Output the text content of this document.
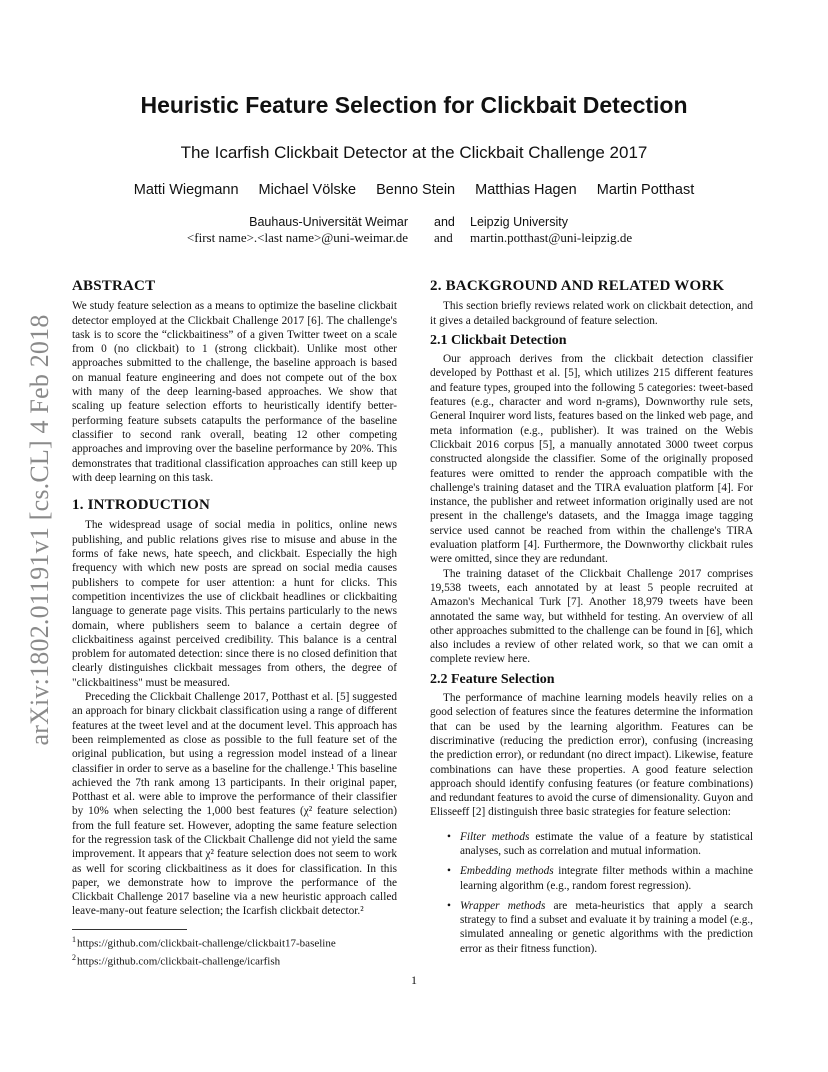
arXiv:1802.01191v1 [cs.CL] 4 Feb 2018
Heuristic Feature Selection for Clickbait Detection
The Icarfish Clickbait Detector at the Clickbait Challenge 2017
Matti Wiegmann Michael Völske Benno Stein Matthias Hagen Martin Potthast
Bauhaus-Universität Weimar and Leipzig University
<first name>.<last name>@uni-weimar.de and martin.potthast@uni-leipzig.de
ABSTRACT

We study feature selection as a means to optimize the baseline clickbait detector employed at the Clickbait Challenge 2017 [6]. The challenge's task is to score the “clickbaitiness” of a given Twitter tweet on a scale from 0 (no clickbait) to 1 (strong clickbait). Unlike most other approaches submitted to the challenge, the baseline approach is based on manual feature engineering and does not compete out of the box with many of the deep learning-based approaches. We show that scaling up feature selection efforts to heuristically identify better-performing feature subsets catapults the performance of the baseline classifier to second rank overall, beating 12 other competing approaches and improving over the baseline performance by 20%. This demonstrates that traditional classification approaches can still keep up with deep learning on this task.

1. INTRODUCTION

The widespread usage of social media in politics, online news publishing, and public relations gives rise to misuse and abuse in the forms of fake news, hate speech, and clickbait. Especially the high frequency with which new posts are spread on social media causes publishers to compete for user attention: a hunt for clicks. This competition incentivizes the use of clickbait headlines or clickbaiting language to generate page visits. This pertains particularly to the news domain, where publishers seem to balance a certain degree of clickbaitiness against perceived credibility. This balance is a central problem for automated detection: since there is no closed definition that clearly distinguishes clickbait messages from others, the degree of "clickbaitiness" must be measured.

Preceding the Clickbait Challenge 2017, Potthast et al. [5] suggested an approach for binary clickbait classification using a range of different features at the tweet level and at the document level. This approach has been reimplemented as close as possible to the full feature set of the original publication, but using a regression model instead of a linear classifier in order to serve as a baseline for the challenge.¹ This baseline achieved the 7th rank among 13 participants. In their original paper, Potthast et al. were able to improve the performance of their classifier by 10% when selecting the 1,000 best features (χ² feature selection) from the full feature set. However, adopting the same feature selection for the regression task of the Clickbait Challenge did not yield the same improvement. It appears that χ² feature selection does not seem to work as well for scoring clickbaitiness as it does for classification. In this paper, we demonstrate how to improve the performance of the Clickbait Challenge 2017 baseline via a new heuristic approach called leave-many-out feature selection; the Icarfish clickbait detector.²

$^1$https://github.com/clickbait-challenge/clickbait17-baseline
$^2$https://github.com/clickbait-challenge/icarfish
2. BACKGROUND AND RELATED WORK

This section briefly reviews related work on clickbait detection, and it gives a detailed background of feature selection.

2.1 Clickbait Detection

Our approach derives from the clickbait detection classifier developed by Potthast et al. [5], which utilizes 215 different features and feature types, grouped into the following 5 categories: tweet-based features (e.g., character and word n-grams), Downworthy rule sets, General Inquirer word lists, features based on the linked web page, and meta information (e.g., publisher). It was trained on the Webis Clickbait 2016 corpus [5], a manually annotated 3000 tweet corpus constructed alongside the classifier. Some of the originally proposed features were omitted to render the approach compatible with the challenge's training dataset and the TIRA evaluation platform [4]. For instance, the publisher and retweet information originally used are not present in the challenge's datasets, and the Imagga image tagging service used cannot be reached from within the challenge's TIRA evaluation platform [4]. Furthermore, the Downworthy clickbait rules were omitted, since they are redundant.

The training dataset of the Clickbait Challenge 2017 comprises 19,538 tweets, each annotated by at least 5 people recruited at Amazon's Mechanical Turk [7]. Another 18,979 tweets have been annotated the same way, but withheld for testing. An overview of all other approaches submitted to the challenge can be found in [6], which also includes a review of other related work, so that we can omit a complete review here.

2.2 Feature Selection

The performance of machine learning models heavily relies on a good selection of features since the features determine the information that can be used by the learning algorithm. Features can be discriminative (reducing the prediction error), confusing (increasing the prediction error), or redundant (no direct impact). Likewise, feature combinations can have these properties. A good feature selection approach should identify confusing features (or feature combinations) and redundant features to avoid the curse of dimensionality. Guyon and Elisseeff [2] distinguish three basic strategies for feature selection:

• Filter methods estimate the value of a feature by statistical analyses, such as correlation and mutual information.
• Embedding methods integrate filter methods within a machine learning algorithm (e.g., random forest regression).
• Wrapper methods are meta-heuristics that apply a search strategy to find a subset and evaluate it by training a model (e.g., simulated annealing or genetic algorithms with the prediction error as their fitness function).
1
